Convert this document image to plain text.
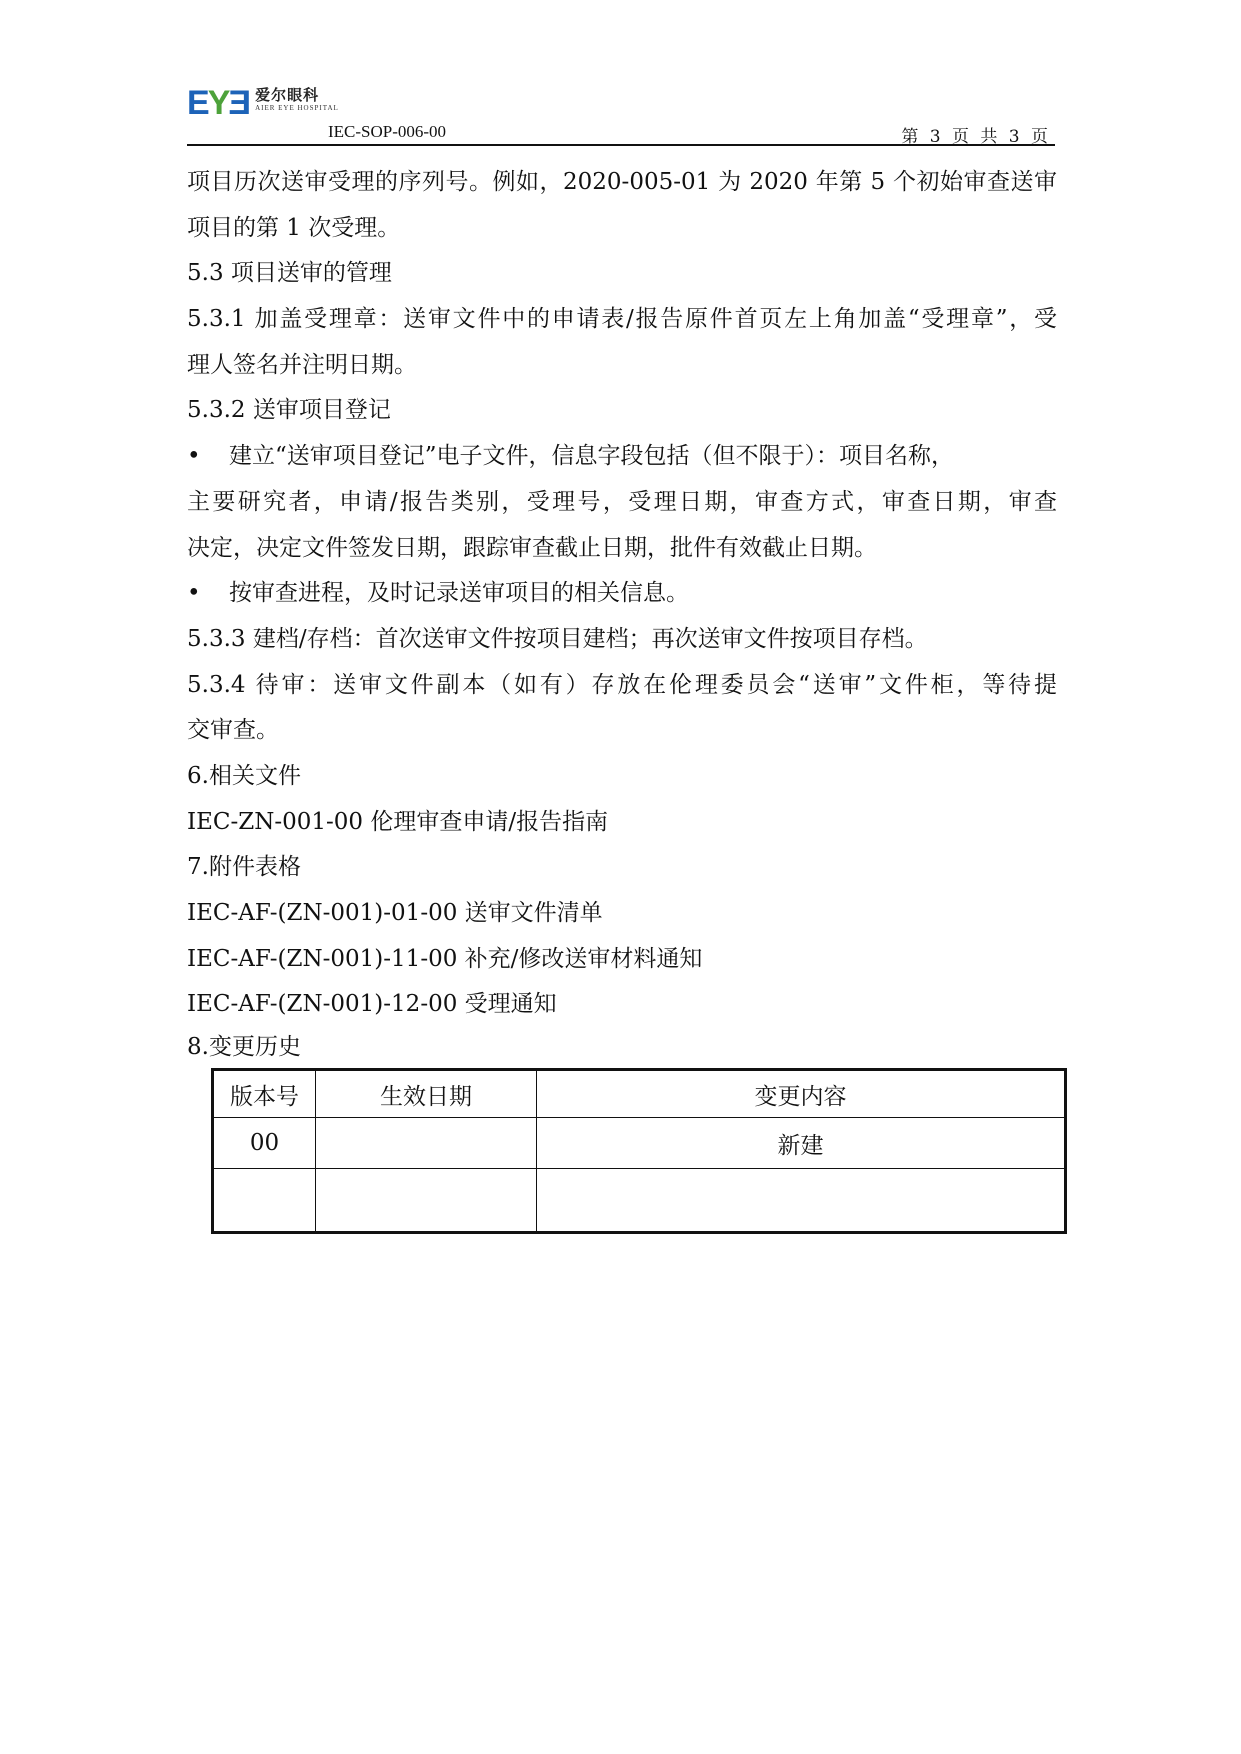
EYƎ 爱尔眼科
AIER EYE HOSPITAL
IEC-SOP-006-00	第 3 页 共 3 页
项目历次送审受理的序列号。例如，2020-005-01 为 2020 年第 5 个初始审查送审
项目的第 1 次受理。
5.3 项目送审的管理
5.3.1 加盖受理章：送审文件中的申请表/报告原件首页左上角加盖“受理章”，受
理人签名并注明日期。
5.3.2 送审项目登记
• 建立“送审项目登记”电子文件，信息字段包括（但不限于）：项目名称，
主要研究者，申请/报告类别，受理号，受理日期，审查方式，审查日期，审查
决定，决定文件签发日期，跟踪审查截止日期，批件有效截止日期。
• 按审查进程，及时记录送审项目的相关信息。
5.3.3 建档/存档：首次送审文件按项目建档；再次送审文件按项目存档。
5.3.4 待审：送审文件副本（如有）存放在伦理委员会“送审”文件柜，等待提
交审查。
6.相关文件
IEC-ZN-001-00 伦理审查申请/报告指南
7.附件表格
IEC-AF-(ZN-001)-01-00 送审文件清单
IEC-AF-(ZN-001)-11-00 补充/修改送审材料通知
IEC-AF-(ZN-001)-12-00 受理通知
8.变更历史
版本号	生效日期	变更内容
00		新建
